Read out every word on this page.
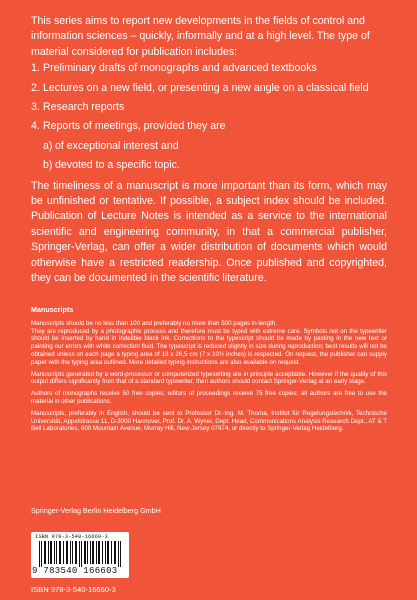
This series aims to report new developments in the fields of control and information sciences – quickly, informally and at a high level. The type of material considered for publication includes:

1. Preliminary drafts of monographs and advanced textbooks
2. Lectures on a new field, or presenting a new angle on a classical field
3. Research reports
4. Reports of meetings, provided they are
a) of exceptional interest and
b) devoted to a specific topic.

The timeliness of a manuscript is more important than its form, which may be unfinished or tentative. If possible, a subject index should be included. Publication of Lecture Notes is intended as a service to the international scientific and engineering community, in that a commercial publisher, Springer-Verlag, can offer a wider distribution of documents which would otherwise have a restricted readership. Once published and copyrighted, they can be documented in the scientific literature.

Manuscripts

Manuscripts should be no less than 100 and preferably no more than 500 pages in length.

They are reproduced by a photographic process and therefore must be typed with extreme care. Symbols not on the typewriter should be inserted by hand in indelible black ink. Corrections to the typescript should be made by pasting in the new text or painting our errors with white correction fluid. The typescript is reduced slightly in size during reproduction; best results will not be obtained unless on each page a typing area of 18 x 26,5 cm (7 x 10½ inches) is respected. On request, the publisher can supply paper with the typing area outlined. More detailed typing instructions are also available on request.

Manuscripts generated by a word-processor or computerized typesetting are in principle acceptable. However if the quality of this output differs significantly from that of a standard typewriter, then authors should contact Springer-Verlag at an early stage.

Authors of monographs receive 50 free copies; editors of proceedings receive 75 free copies; all authors are free to use the material in other publications.

Manuscripts, preferably in English, should be sent to Professor Dr.-Ing. M. Thoma, Institut für Regelungstechnik, Technische Universität, Appelstrasse 11, D-3000 Hannover, Prof. Dr. A. Wyner, Dept. Head, Communications Analysis Research Dept., AT & T Bell Laboratories, 600 Mountain Avenue, Murray Hill, New Jersey 07974, or directly to Springer-Verlag Heidelberg.

Springer-Verlag Berlin Heidelberg GmbH
ISBN 978-3-540-16660-3
9 783540 166603
ISBN 978-3-540-16660-3
